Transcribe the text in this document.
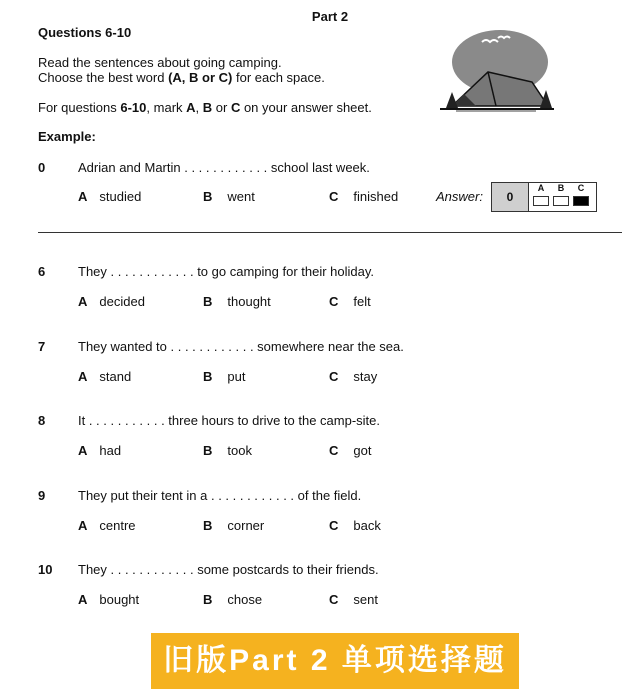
Part 2
Questions 6-10
Read the sentences about going camping.
Choose the best word (A, B or C) for each space.
For questions 6-10, mark A, B or C on your answer sheet.
Example:
0	Adrian and Martin . . . . . . . . . . . . school last week.
A studied	B went	C finished	Answer:	0
A	B	C
6	They . . . . . . . . . . . . to go camping for their holiday.
A decided	B thought	C felt
7	They wanted to . . . . . . . . . . . . somewhere near the sea.
A stand	B put	C stay
8	It . . . . . . . . . . . three hours to drive to the camp-site.
A had	B took	C got
9	They put their tent in a . . . . . . . . . . . . of the field.
A centre	B corner	C back
10 They . . . . . . . . . . . . some postcards to their friends.
A bought	B chose	C sent
旧版Part 2 单项选择题
